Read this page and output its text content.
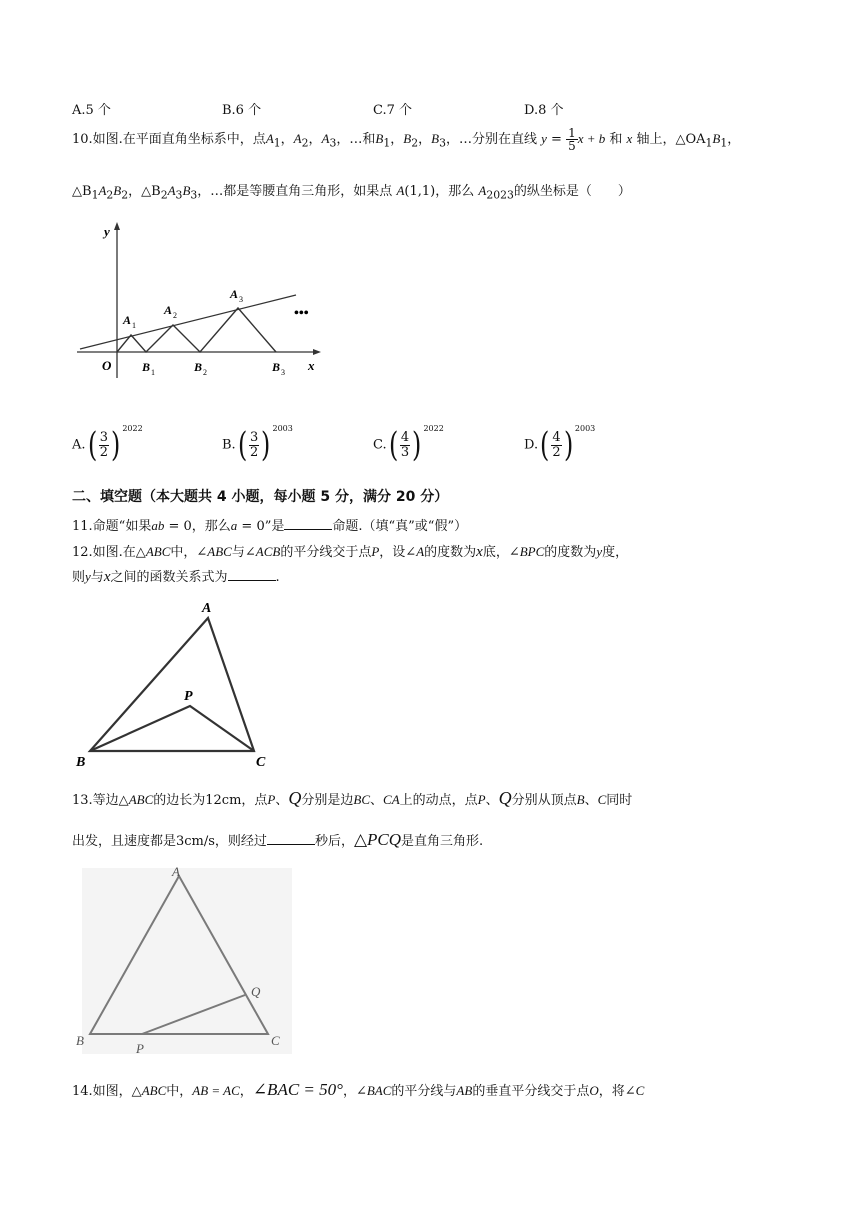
A.5 个	B.6 个	C.7 个	D.8 个
10.如图.在平面直角坐标系中，点$A_1$，$A_2$，$A_3$，…和$B_1$，$B_2$，$B_3$，…分别在直线 $y = \frac{1}{5}$ x + b 和 x 轴上，$\triangle OA_1B_1$，
$\triangle B_1A_2B_2$，$\triangle B_2A_3B_3$，…都是等腰直角三角形，如果点 A(1,1)，那么 $A_{2023}$的纵坐标是（　　）
y
x
O
A 1
A 2
A 3
B 1	B 2	B 3
•••
$A.( \frac{3}{2}$ ) $^{2022}$
$B.( \frac{3}{2}$ ) $^{2003}$
$C.( \frac{4}{3}$ ) $^{2022}$
$D.( \frac{4}{2}$ ) $^{2003}$
二、填空题（本大题共 4 小题，每小题 5 分，满分 20 分）
11.命题“如果ab = 0，那么a = 0”是	命题.（填“真”或“假”）
12.如图.在△ABC中，∠ABC与∠ACB的平分线交于点P，设∠A的度数为x底，∠BPC的度数为y度，
则y与x之间的函数关系式为	.
A
B	C
P
13.等边△ABC的边长为12cm，点P、Q分别是边BC、CA上的动点，点P、Q分别从顶点B、C同时
出发，且速度都是3cm/s，则经过	秒后，△PCQ是直角三角形.
A
B	C
P
Q
14.如图，△ABC中，AB = AC，∠BAC = 50°，∠BAC的平分线与AB的垂直平分线交于点O，将∠C
